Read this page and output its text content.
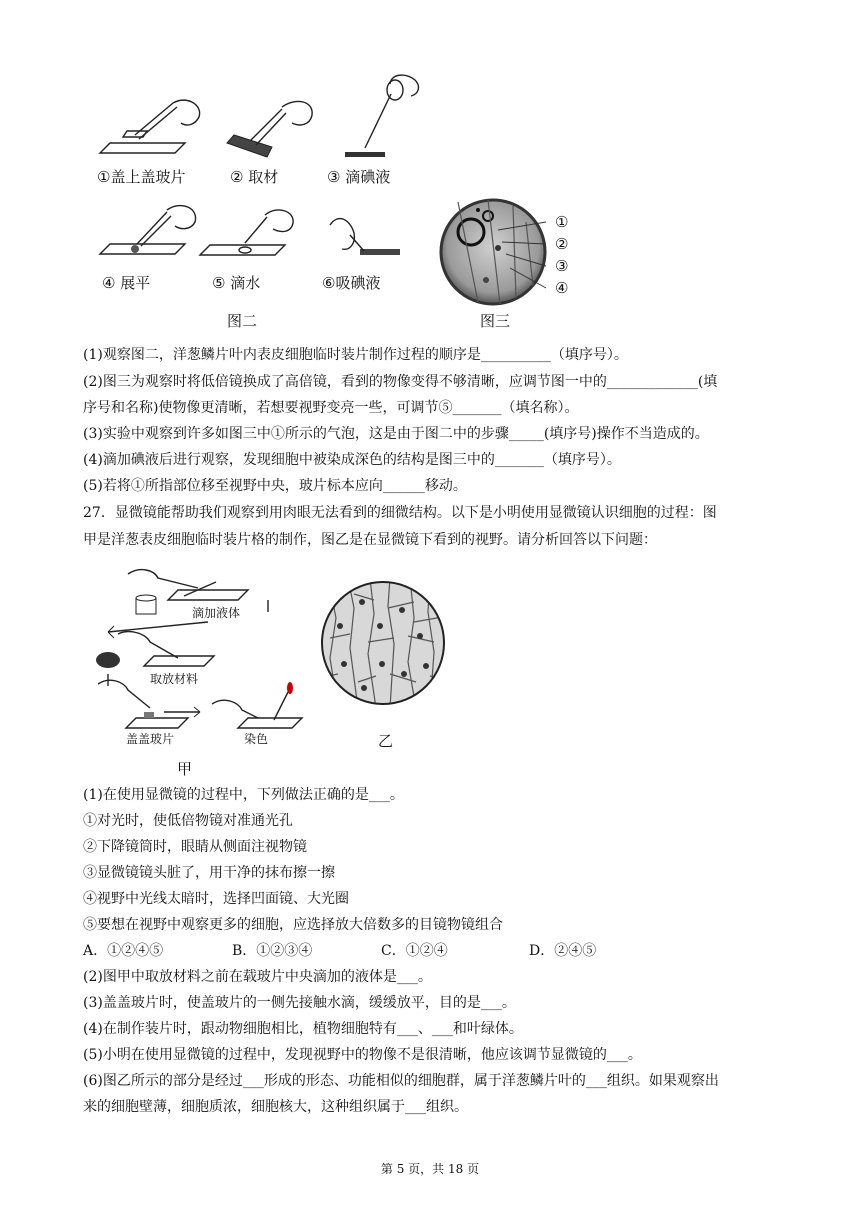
①盖上盖玻片	② 取材	③ 滴碘液
④ 展平	⑤ 滴水	⑥吸碘液
图二
①
②
③
④
图三
(1)观察图二，洋葱鳞片叶内表皮细胞临时装片制作过程的顺序是__________（填序号）。
(2)图三为观察时将低倍镜换成了高倍镜，看到的物像变得不够清晰，应调节图一中的_____________(填
序号和名称)使物像更清晰，若想要视野变亮一些，可调节⑤_______（填名称）。
(3)实验中观察到许多如图三中①所示的气泡，这是由于图二中的步骤_____(填序号)操作不当造成的。
(4)滴加碘液后进行观察，发现细胞中被染成深色的结构是图三中的_______（填序号）。
(5)若将①所指部位移至视野中央，玻片标本应向______移动。
27．显微镜能帮助我们观察到用肉眼无法看到的细微结构。以下是小明使用显微镜认识细胞的过程：图
甲是洋葱表皮细胞临时装片格的制作，图乙是在显微镜下看到的视野。请分析回答以下问题：
滴加液体
取放材料
盖盖玻片	染色
甲
乙
(1)在使用显微镜的过程中，下列做法正确的是___。
①对光时，使低倍物镜对准通光孔
②下降镜筒时，眼睛从侧面注视物镜
③显微镜镜头脏了，用干净的抹布擦一擦
④视野中光线太暗时，选择凹面镜、大光圈
⑤要想在视野中观察更多的细胞，应选择放大倍数多的目镜物镜组合
A．①②④⑤	B．①②③④	C．①②④	D．②④⑤
(2)图甲中取放材料之前在载玻片中央滴加的液体是___。
(3)盖盖玻片时，使盖玻片的一侧先接触水滴，缓缓放平，目的是___。
(4)在制作装片时，跟动物细胞相比，植物细胞特有___、___和叶绿体。
(5)小明在使用显微镜的过程中，发现视野中的物像不是很清晰，他应该调节显微镜的___。
(6)图乙所示的部分是经过___形成的形态、功能相似的细胞群，属于洋葱鳞片叶的___组织。如果观察出
来的细胞壁薄，细胞质浓，细胞核大，这种组织属于___组织。
第 5 页，共 18 页
